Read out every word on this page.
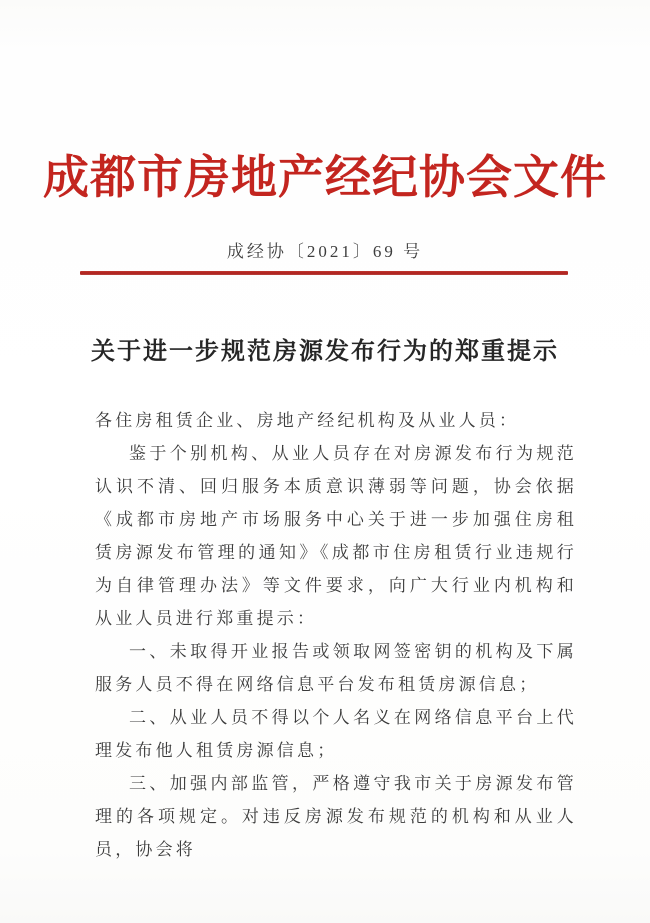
成都市房地产经纪协会文件
成经协〔2021〕69 号
关于进一步规范房源发布行为的郑重提示

各住房租赁企业、房地产经纪机构及从业人员：

鉴于个别机构、从业人员存在对房源发布行为规范认识不清、回归服务本质意识薄弱等问题，协会依据《成都市房地产市场服务中心关于进一步加强住房租赁房源发布管理的通知》《成都市住房租赁行业违规行为自律管理办法》等文件要求，向广大行业内机构和从业人员进行郑重提示：

一、未取得开业报告或领取网签密钥的机构及下属服务人员不得在网络信息平台发布租赁房源信息；

二、从业人员不得以个人名义在网络信息平台上代理发布他人租赁房源信息；

三、加强内部监管，严格遵守我市关于房源发布管理的各项规定。对违反房源发布规范的机构和从业人员，协会将
